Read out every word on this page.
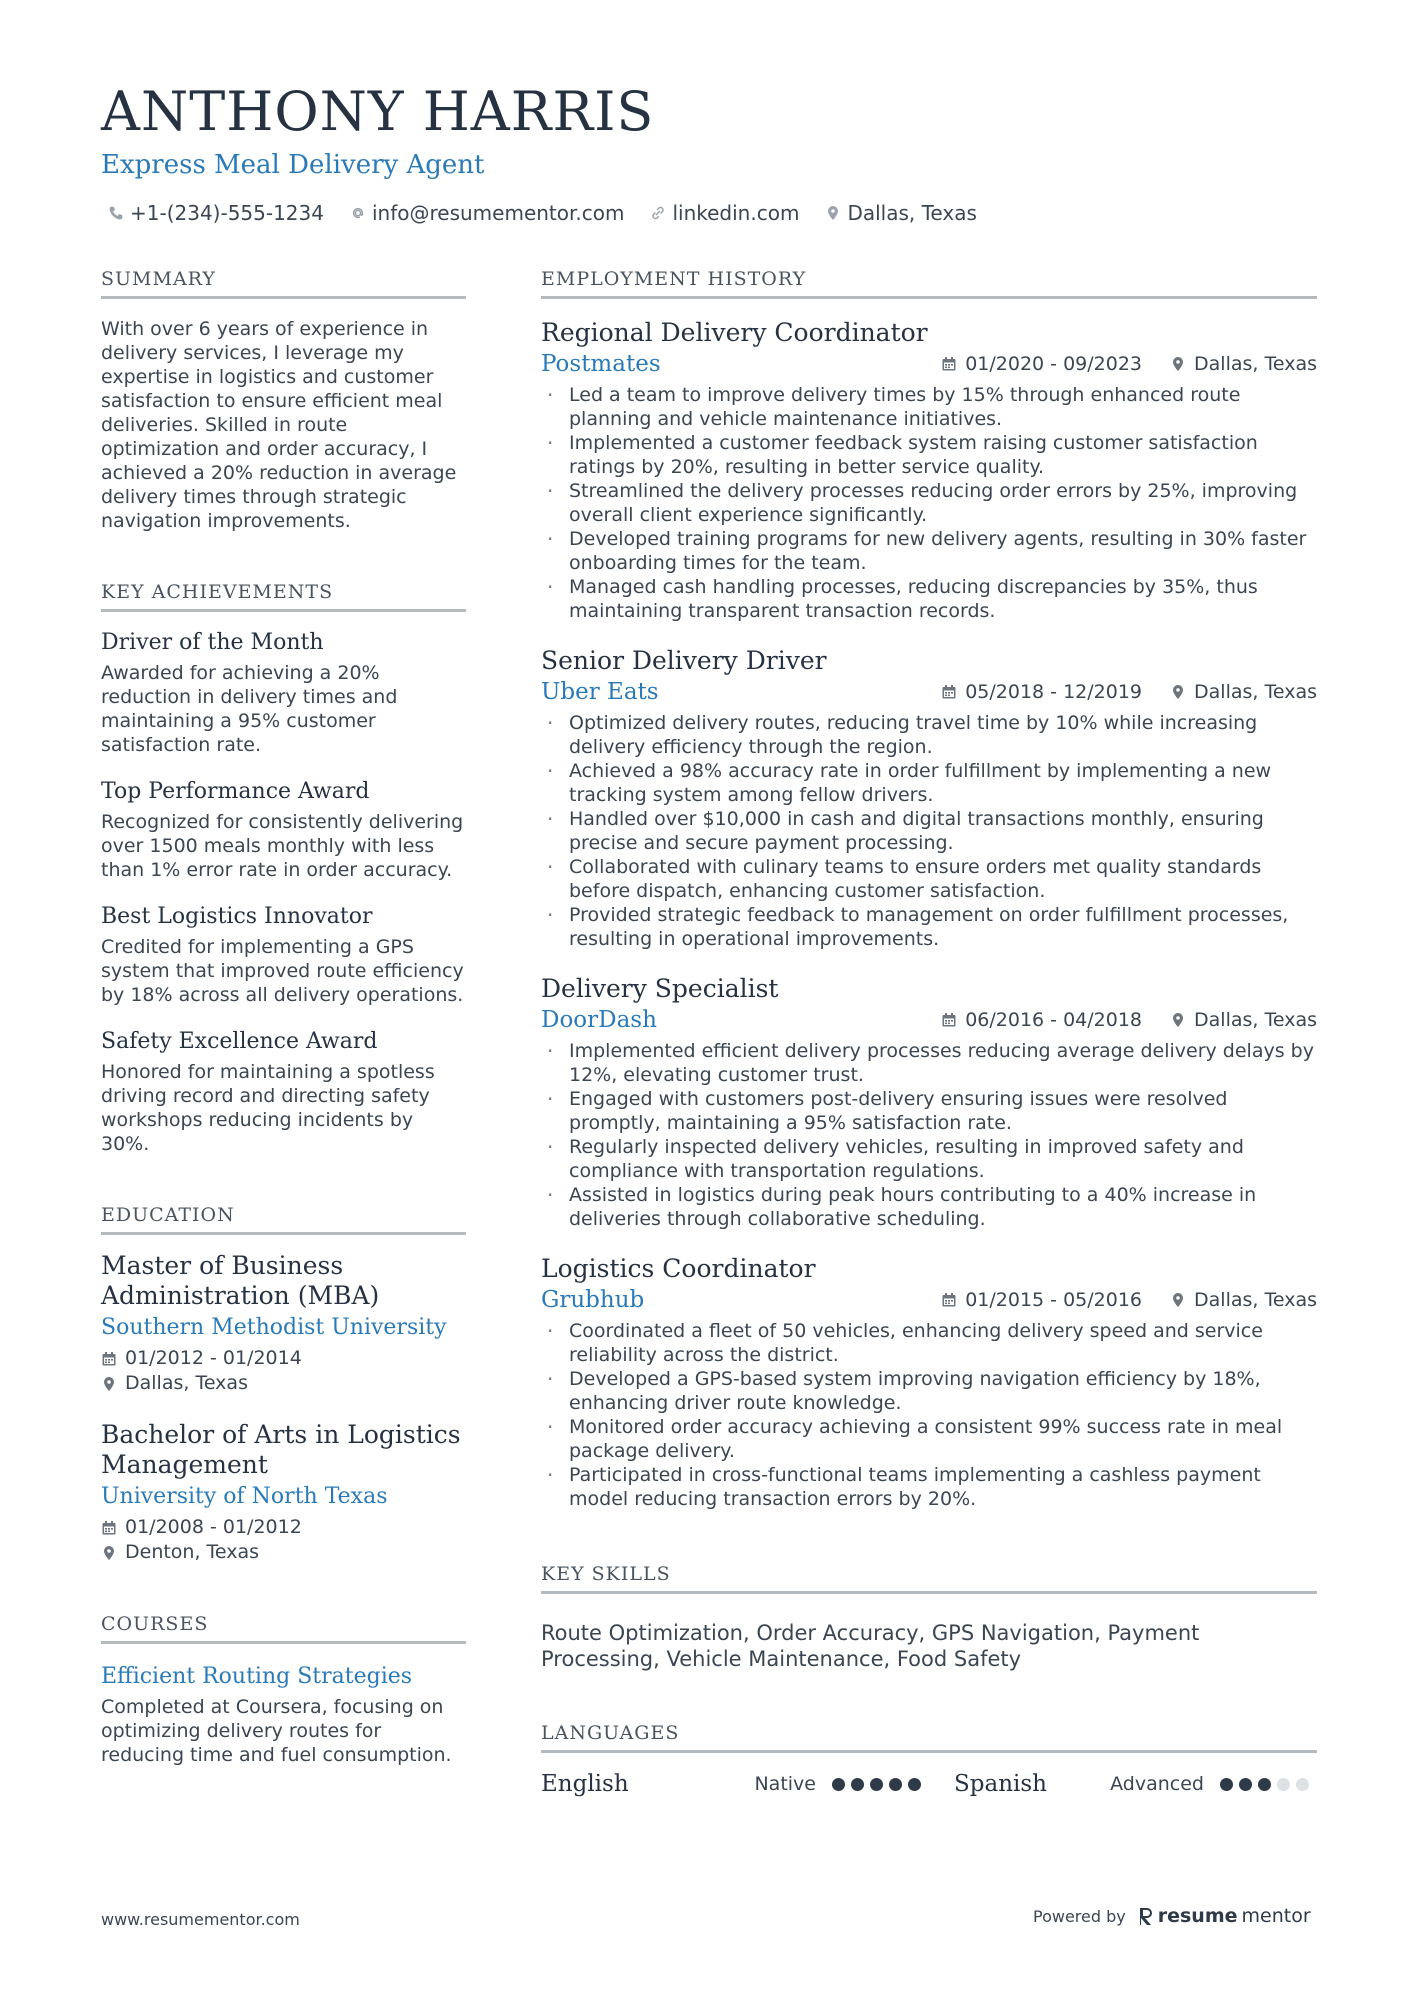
ANTHONY HARRIS
Express Meal Delivery Agent
+1-(234)-555-1234 info@resumementor.com linkedin.com Dallas, Texas
SUMMARY

With over 6 years of experience in delivery services, I leverage my expertise in logistics and customer satisfaction to ensure efficient meal deliveries. Skilled in route optimization and order accuracy, I achieved a 20% reduction in average delivery times through strategic navigation improvements.

KEY ACHIEVEMENTS
Driver of the Month

Awarded for achieving a 20% reduction in delivery times and maintaining a 95% customer satisfaction rate.

Top Performance Award

Recognized for consistently delivering over 1500 meals monthly with less than 1% error rate in order accuracy.

Best Logistics Innovator

Credited for implementing a GPS system that improved route efficiency by 18% across all delivery operations.

Safety Excellence Award

Honored for maintaining a spotless driving record and directing safety workshops reducing incidents by 30%.

EDUCATION
Master of Business Administration (MBA)
Southern Methodist University
01/2012 - 01/2014
Dallas, Texas
Bachelor of Arts in Logistics Management
University of North Texas
01/2008 - 01/2012
Denton, Texas
COURSES
Efficient Routing Strategies

Completed at Coursera, focusing on optimizing delivery routes for reducing time and fuel consumption.

EMPLOYMENT HISTORY
Regional Delivery Coordinator
Postmates	01/2020 - 09/2023	Dallas, Texas
· Led a team to improve delivery times by 15% through enhanced route planning and vehicle maintenance initiatives.
· Implemented a customer feedback system raising customer satisfaction ratings by 20%, resulting in better service quality.
· Streamlined the delivery processes reducing order errors by 25%, improving overall client experience significantly.
· Developed training programs for new delivery agents, resulting in 30% faster onboarding times for the team.
· Managed cash handling processes, reducing discrepancies by 35%, thus maintaining transparent transaction records.
Senior Delivery Driver
Uber Eats	05/2018 - 12/2019	Dallas, Texas
· Optimized delivery routes, reducing travel time by 10% while increasing delivery efficiency through the region.
· Achieved a 98% accuracy rate in order fulfillment by implementing a new tracking system among fellow drivers.
· Handled over $10,000 in cash and digital transactions monthly, ensuring precise and secure payment processing.
· Collaborated with culinary teams to ensure orders met quality standards before dispatch, enhancing customer satisfaction.
· Provided strategic feedback to management on order fulfillment processes, resulting in operational improvements.
Delivery Specialist
DoorDash	06/2016 - 04/2018	Dallas, Texas
· Implemented efficient delivery processes reducing average delivery delays by 12%, elevating customer trust.
· Engaged with customers post-delivery ensuring issues were resolved promptly, maintaining a 95% satisfaction rate.
· Regularly inspected delivery vehicles, resulting in improved safety and compliance with transportation regulations.
· Assisted in logistics during peak hours contributing to a 40% increase in deliveries through collaborative scheduling.
Logistics Coordinator
Grubhub	01/2015 - 05/2016	Dallas, Texas
· Coordinated a fleet of 50 vehicles, enhancing delivery speed and service reliability across the district.
· Developed a GPS-based system improving navigation efficiency by 18%, enhancing driver route knowledge.
· Monitored order accuracy achieving a consistent 99% success rate in meal package delivery.
· Participated in cross-functional teams implementing a cashless payment model reducing transaction errors by 20%.
KEY SKILLS

Route Optimization, Order Accuracy, GPS Navigation, Payment Processing, Vehicle Maintenance, Food Safety

LANGUAGES
English	Native	Spanish	Advanced
www.resumementor.com	Powered by resume mentor
